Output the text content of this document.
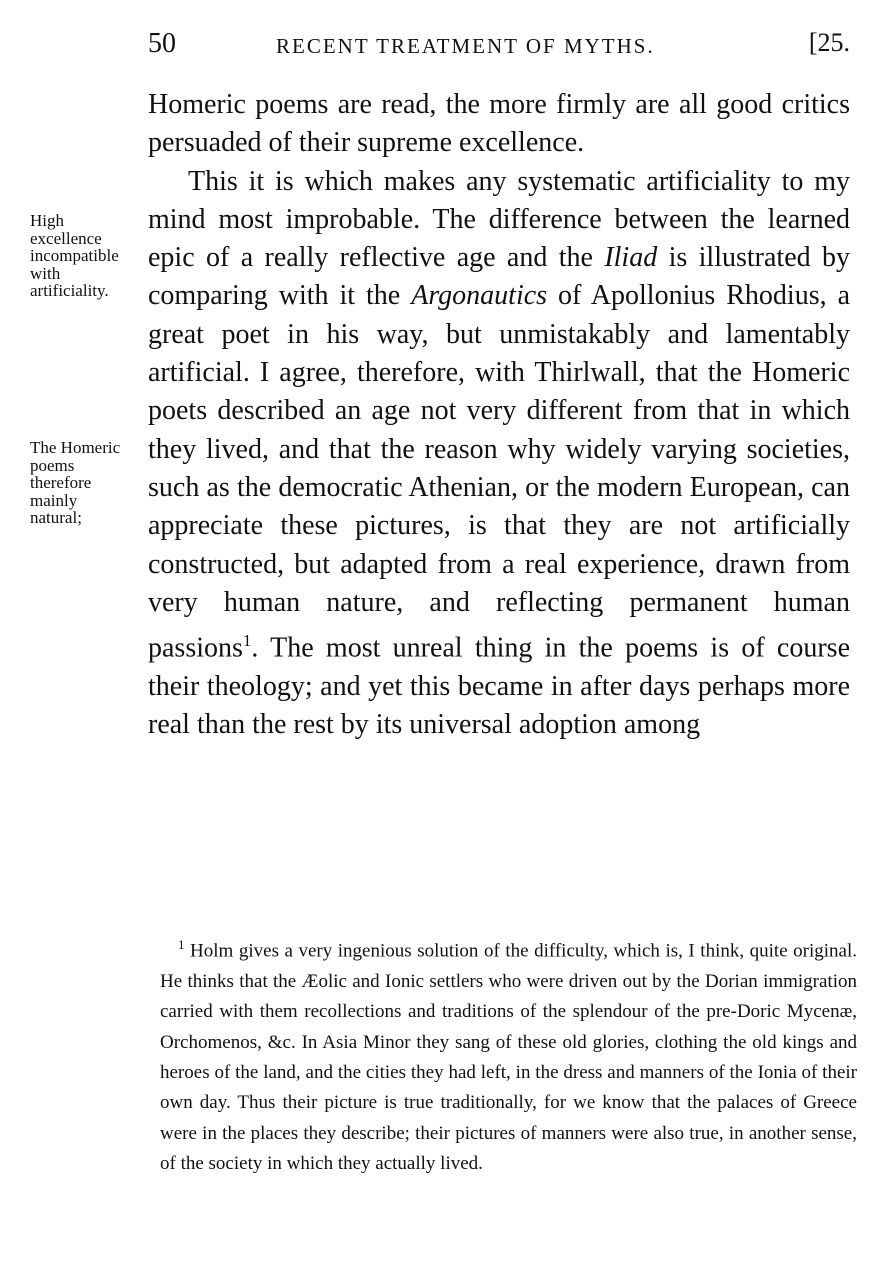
50	RECENT TREATMENT OF MYTHS.	[25.
High excellence incompatible with artificiality.
The Homeric poems therefore mainly natural;

Homeric poems are read, the more firmly are all good critics persuaded of their supreme excellence.

This it is which makes any systematic artificiality to my mind most improbable. The difference between the learned epic of a really reflective age and the Iliad is illustrated by comparing with it the Argonautics of Apollonius Rhodius, a great poet in his way, but unmistakably and lamentably artificial. I agree, therefore, with Thirlwall, that the Homeric poets described an age not very different from that in which they lived, and that the reason why widely varying societies, such as the democratic Athenian, or the modern European, can appreciate these pictures, is that they are not artificially constructed, but adapted from a real experience, drawn from very human nature, and reflecting permanent human passions$^1$. The most unreal thing in the poems is of course their theology; and yet this became in after days perhaps more real than the rest by its universal adoption among

$^1$ Holm gives a very ingenious solution of the difficulty, which is, I think, quite original. He thinks that the Æolic and Ionic settlers who were driven out by the Dorian immigration carried with them recollections and traditions of the splendour of the pre-Doric Mycenæ, Orchomenos, &c. In Asia Minor they sang of these old glories, clothing the old kings and heroes of the land, and the cities they had left, in the dress and manners of the Ionia of their own day. Thus their picture is true traditionally, for we know that the palaces of Greece were in the places they describe; their pictures of manners were also true, in another sense, of the society in which they actually lived.
